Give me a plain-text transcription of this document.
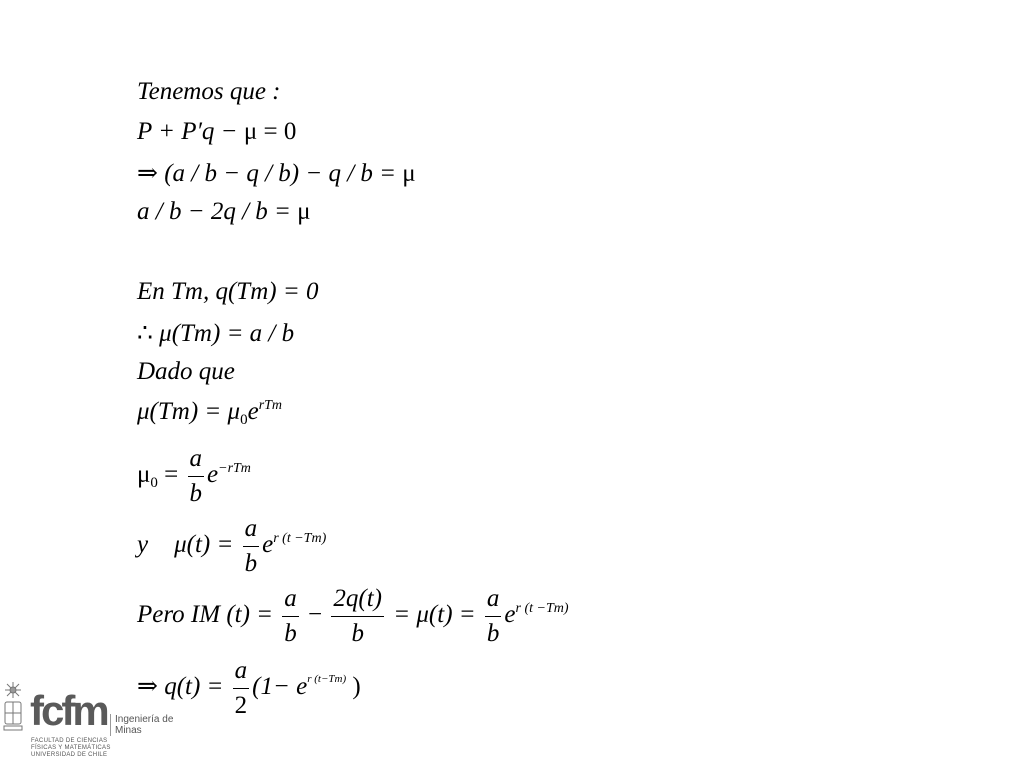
Tenemos que :
P + P′q − μ = 0
⇒ (a / b − q / b) − q / b = μ
a / b − 2q / b = μ
En Tm, q(Tm) = 0
∴ μ(Tm) = a / b
Dado que
$\mu(Tm) = \mu_0e^{rTm}$
$\mu_0 = \frac{a}{b} e^{-rTm}$
y $\mu(t) = \frac{a}{b} e^{r (t -Tm)}$
Pero IM $(t) = \frac{a}{b} - \frac{2q(t)}{b} = \mu(t) = \frac{a}{b} e^{r (t -Tm)}$
⇒ $q(t) = \frac{a}{2} (1- e^{r (t-Tm)}$ )
fcfm
FACULTAD DE CIENCIAS
FÍSICAS Y MATEMÁTICAS
UNIVERSIDAD DE CHILE
Ingeniería de Minas
